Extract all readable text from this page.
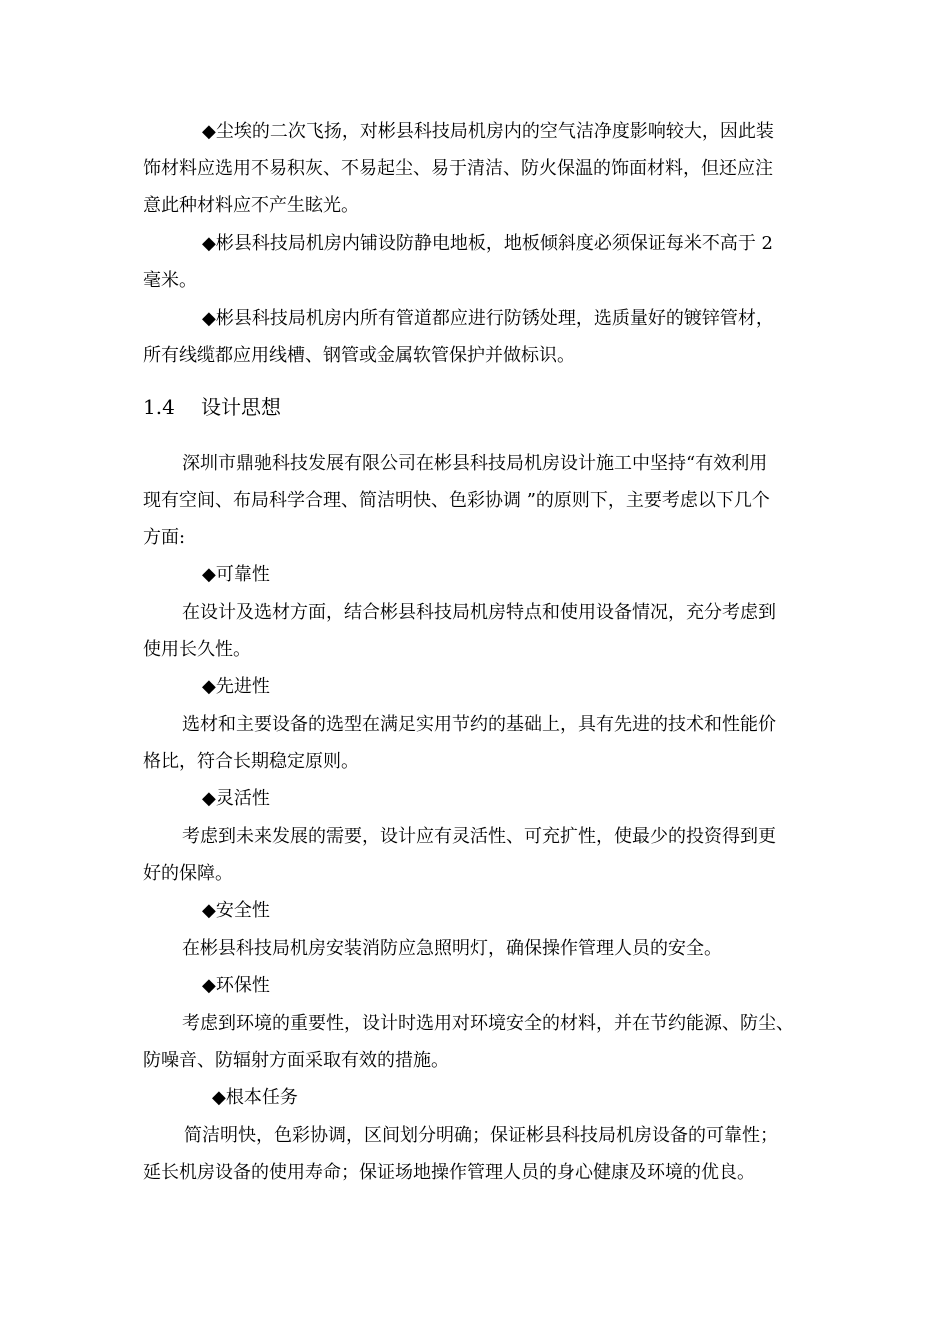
◆尘埃的二次飞扬，对彬县科技局机房内的空气洁净度影响较大，因此装
饰材料应选用不易积灰、不易起尘、易于清洁、防火保温的饰面材料，但还应注
意此种材料应不产生眩光。
◆彬县科技局机房内铺设防静电地板，地板倾斜度必须保证每米不高于 2
毫米。
◆彬县科技局机房内所有管道都应进行防锈处理，选质量好的镀锌管材，
所有线缆都应用线槽、钢管或金属软管保护并做标识。
1.4 设计思想
深圳市鼎驰科技发展有限公司在彬县科技局机房设计施工中坚持“有效利用
现有空间、布局科学合理、简洁明快、色彩协调 ”的原则下，主要考虑以下几个
方面:
◆可靠性
在设计及选材方面，结合彬县科技局机房特点和使用设备情况，充分考虑到
使用长久性。
◆先进性
选材和主要设备的选型在满足实用节约的基础上，具有先进的技术和性能价
格比，符合长期稳定原则。
◆灵活性
考虑到未来发展的需要，设计应有灵活性、可充扩性，使最少的投资得到更
好的保障。
◆安全性
在彬县科技局机房安装消防应急照明灯，确保操作管理人员的安全。
◆环保性
考虑到环境的重要性，设计时选用对环境安全的材料，并在节约能源、防尘、
防噪音、防辐射方面采取有效的措施。
◆根本任务
简洁明快，色彩协调，区间划分明确；保证彬县科技局机房设备的可靠性；
延长机房设备的使用寿命；保证场地操作管理人员的身心健康及环境的优良。
